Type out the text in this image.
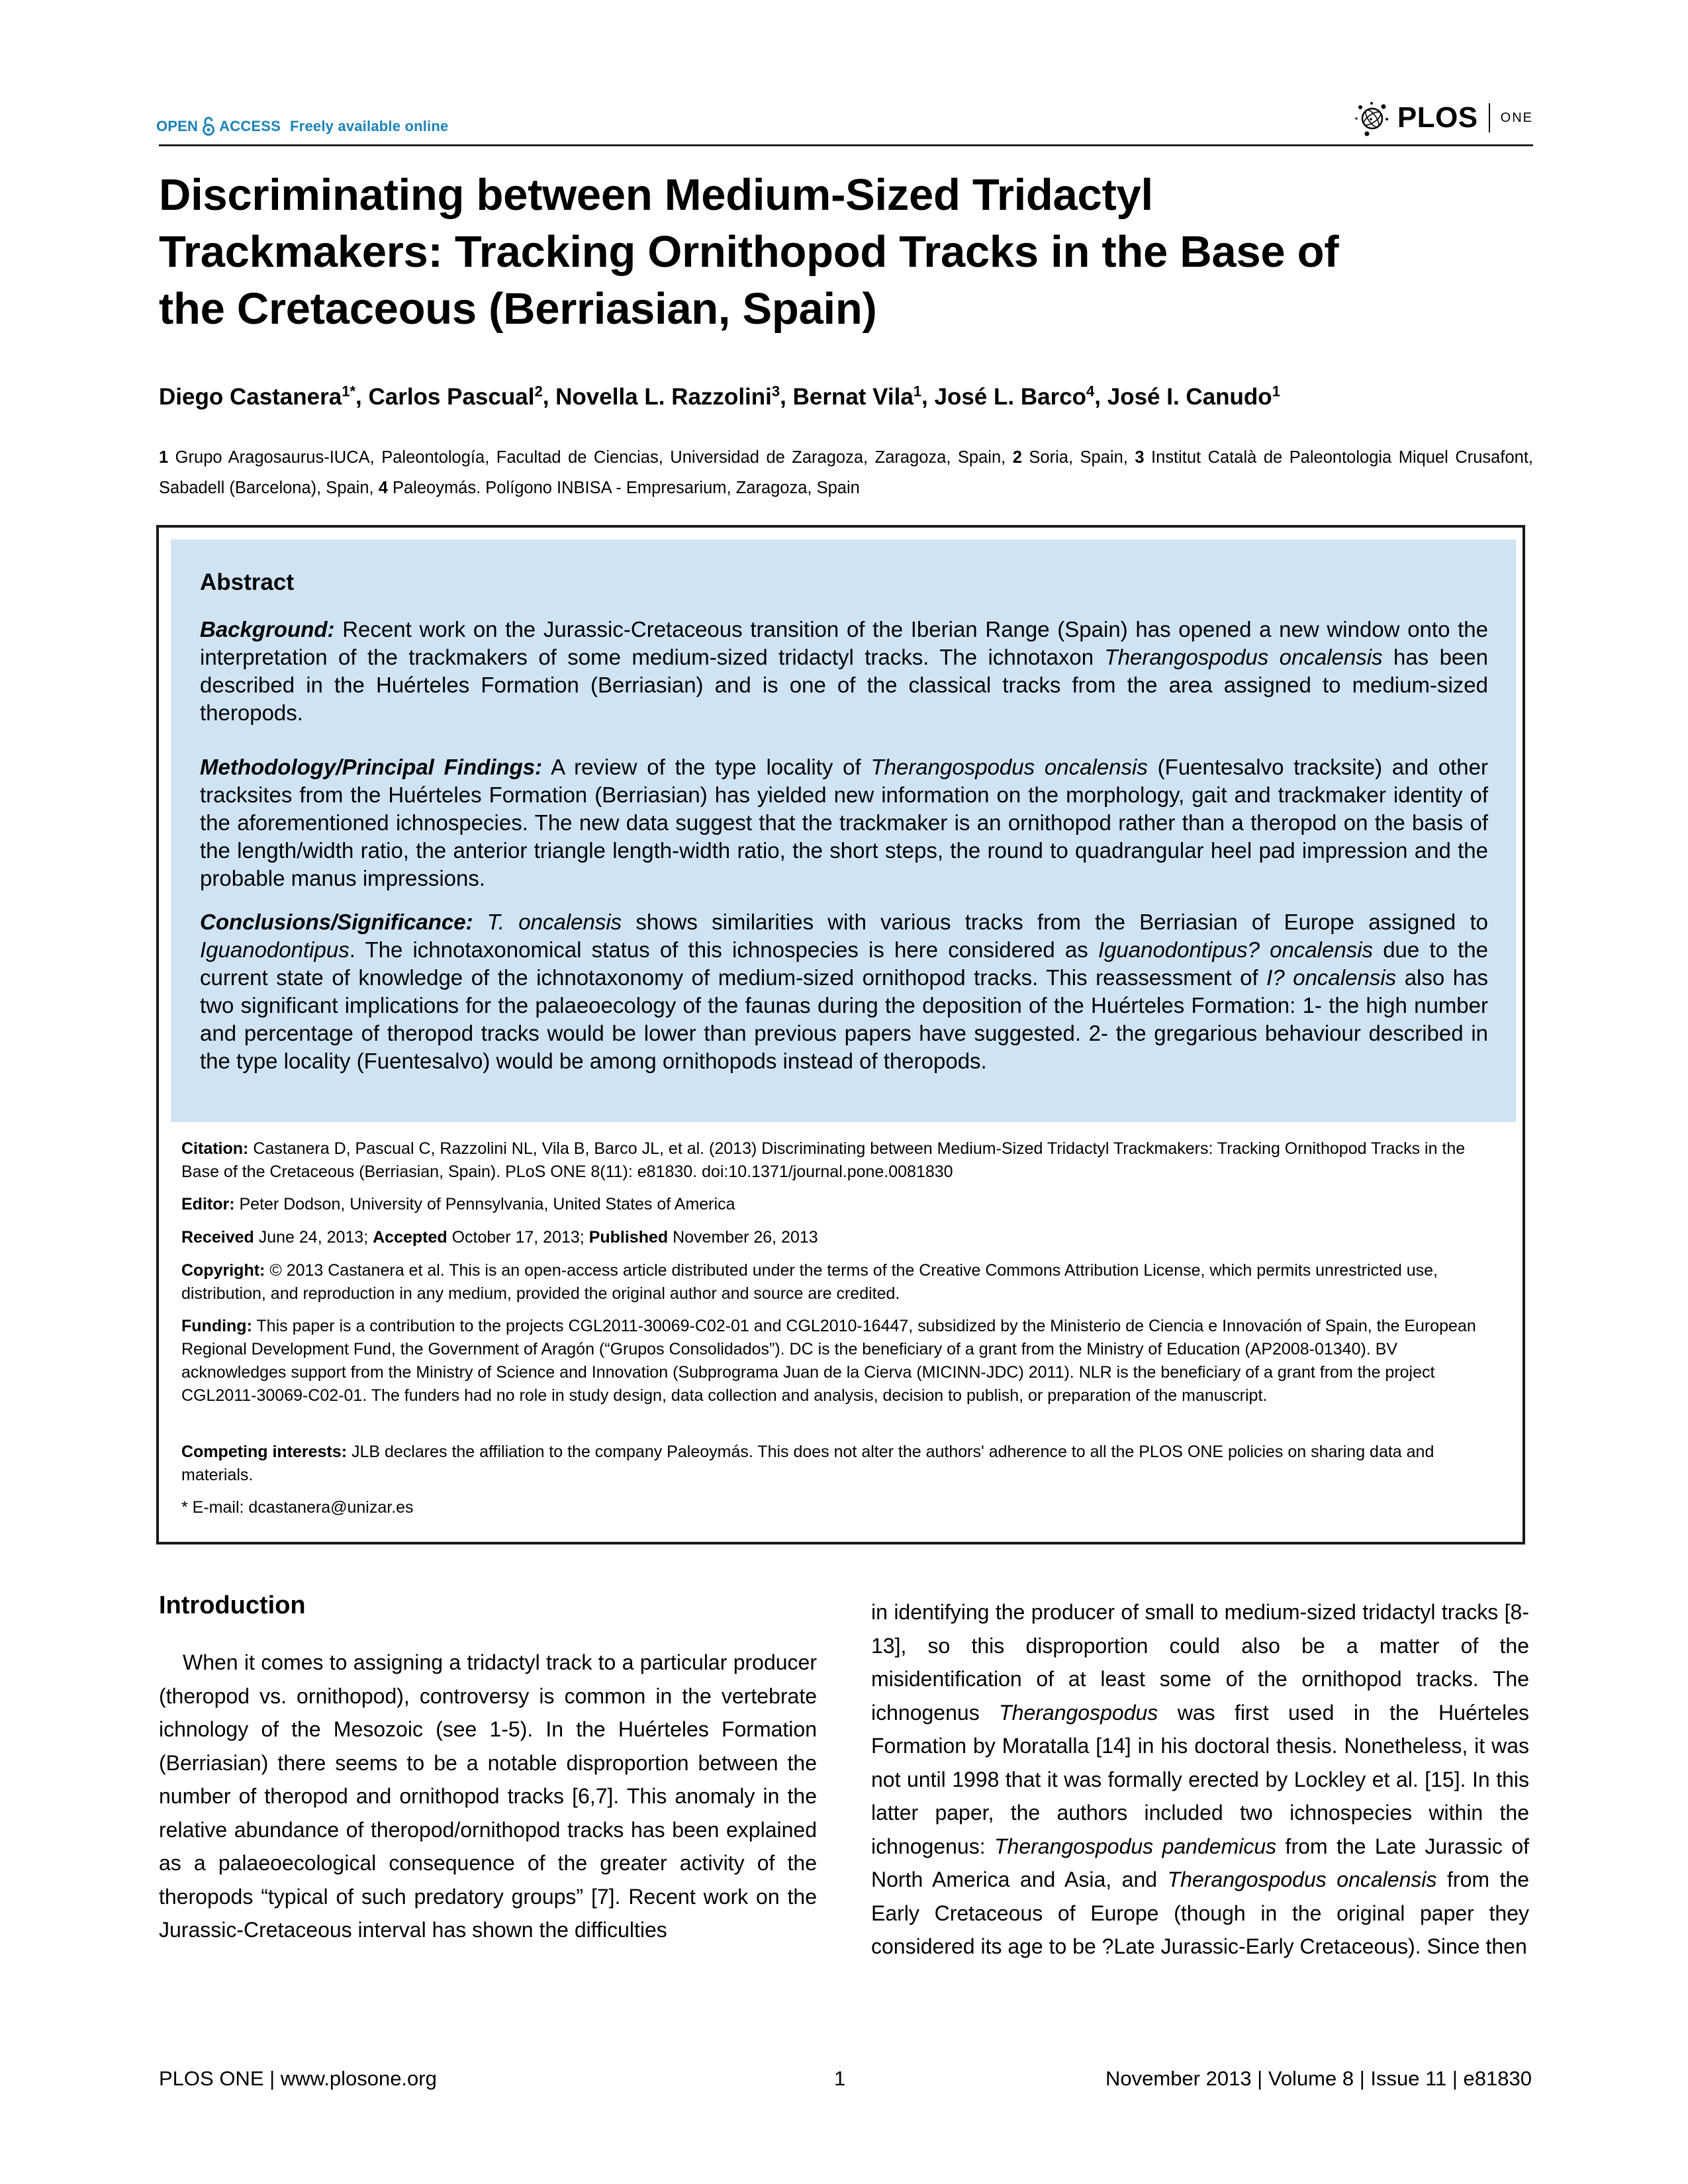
OPEN ACCESS Freely available online	PLOS ONE
Discriminating between Medium-Sized Tridactyl
Trackmakers: Tracking Ornithopod Tracks in the Base of
the Cretaceous (Berriasian, Spain)
Diego Castanera$^{1*}$, Carlos Pascual$^2$, Novella L. Razzolini$^3$, Bernat Vila$^1$, José L. Barco$^4$, José I. Canudo$^1$
1 Grupo Aragosaurus-IUCA, Paleontología, Facultad de Ciencias, Universidad de Zaragoza, Zaragoza, Spain, 2 Soria, Spain, 3 Institut Català de Paleontologia Miquel Crusafont, Sabadell (Barcelona), Spain, 4 Paleoymás. Polígono INBISA - Empresarium, Zaragoza, Spain
Abstract
Background: Recent work on the Jurassic-Cretaceous transition of the Iberian Range (Spain) has opened a new window onto the interpretation of the trackmakers of some medium-sized tridactyl tracks. The ichnotaxon Therangospodus oncalensis has been described in the Huérteles Formation (Berriasian) and is one of the classical tracks from the area assigned to medium-sized theropods.
Methodology/Principal Findings: A review of the type locality of Therangospodus oncalensis (Fuentesalvo tracksite) and other tracksites from the Huérteles Formation (Berriasian) has yielded new information on the morphology, gait and trackmaker identity of the aforementioned ichnospecies. The new data suggest that the trackmaker is an ornithopod rather than a theropod on the basis of the length/width ratio, the anterior triangle length-width ratio, the short steps, the round to quadrangular heel pad impression and the probable manus impressions.
Conclusions/Significance: T. oncalensis shows similarities with various tracks from the Berriasian of Europe assigned to Iguanodontipus. The ichnotaxonomical status of this ichnospecies is here considered as Iguanodontipus? oncalensis due to the current state of knowledge of the ichnotaxonomy of medium-sized ornithopod tracks. This reassessment of I? oncalensis also has two significant implications for the palaeoecology of the faunas during the deposition of the Huérteles Formation: 1- the high number and percentage of theropod tracks would be lower than previous papers have suggested. 2- the gregarious behaviour described in the type locality (Fuentesalvo) would be among ornithopods instead of theropods.
Citation: Castanera D, Pascual C, Razzolini NL, Vila B, Barco JL, et al. (2013) Discriminating between Medium-Sized Tridactyl Trackmakers: Tracking Ornithopod Tracks in the Base of the Cretaceous (Berriasian, Spain). PLoS ONE 8(11): e81830. doi:10.1371/journal.pone.0081830
Editor: Peter Dodson, University of Pennsylvania, United States of America
Received June 24, 2013; Accepted October 17, 2013; Published November 26, 2013
Copyright: © 2013 Castanera et al. This is an open-access article distributed under the terms of the Creative Commons Attribution License, which permits unrestricted use, distribution, and reproduction in any medium, provided the original author and source are credited.
Funding: This paper is a contribution to the projects CGL2011-30069-C02-01 and CGL2010-16447, subsidized by the Ministerio de Ciencia e Innovación of Spain, the European Regional Development Fund, the Government of Aragón (“Grupos Consolidados”). DC is the beneficiary of a grant from the Ministry of Education (AP2008-01340). BV acknowledges support from the Ministry of Science and Innovation (Subprograma Juan de la Cierva (MICINN-JDC) 2011). NLR is the beneficiary of a grant from the project CGL2011-30069-C02-01. The funders had no role in study design, data collection and analysis, decision to publish, or preparation of the manuscript.
Competing interests: JLB declares the affiliation to the company Paleoymás. This does not alter the authors' adherence to all the PLOS ONE policies on sharing data and materials.
* E-mail: dcastanera@unizar.es
Introduction
When it comes to assigning a tridactyl track to a particular producer (theropod vs. ornithopod), controversy is common in the vertebrate ichnology of the Mesozoic (see 1-5). In the Huérteles Formation (Berriasian) there seems to be a notable disproportion between the number of theropod and ornithopod tracks [6,7]. This anomaly in the relative abundance of theropod/ornithopod tracks has been explained as a palaeoecological consequence of the greater activity of the theropods “typical of such predatory groups” [7]. Recent work on the Jurassic-Cretaceous interval has shown the difficulties
in identifying the producer of small to medium-sized tridactyl tracks [8-13], so this disproportion could also be a matter of the misidentification of at least some of the ornithopod tracks. The ichnogenus Therangospodus was first used in the Huérteles Formation by Moratalla [14] in his doctoral thesis. Nonetheless, it was not until 1998 that it was formally erected by Lockley et al. [15]. In this latter paper, the authors included two ichnospecies within the ichnogenus: Therangospodus pandemicus from the Late Jurassic of North America and Asia, and Therangospodus oncalensis from the Early Cretaceous of Europe (though in the original paper they considered its age to be ?Late Jurassic-Early Cretaceous). Since then
PLOS ONE | www.plosone.org	1	November 2013 | Volume 8 | Issue 11 | e81830
